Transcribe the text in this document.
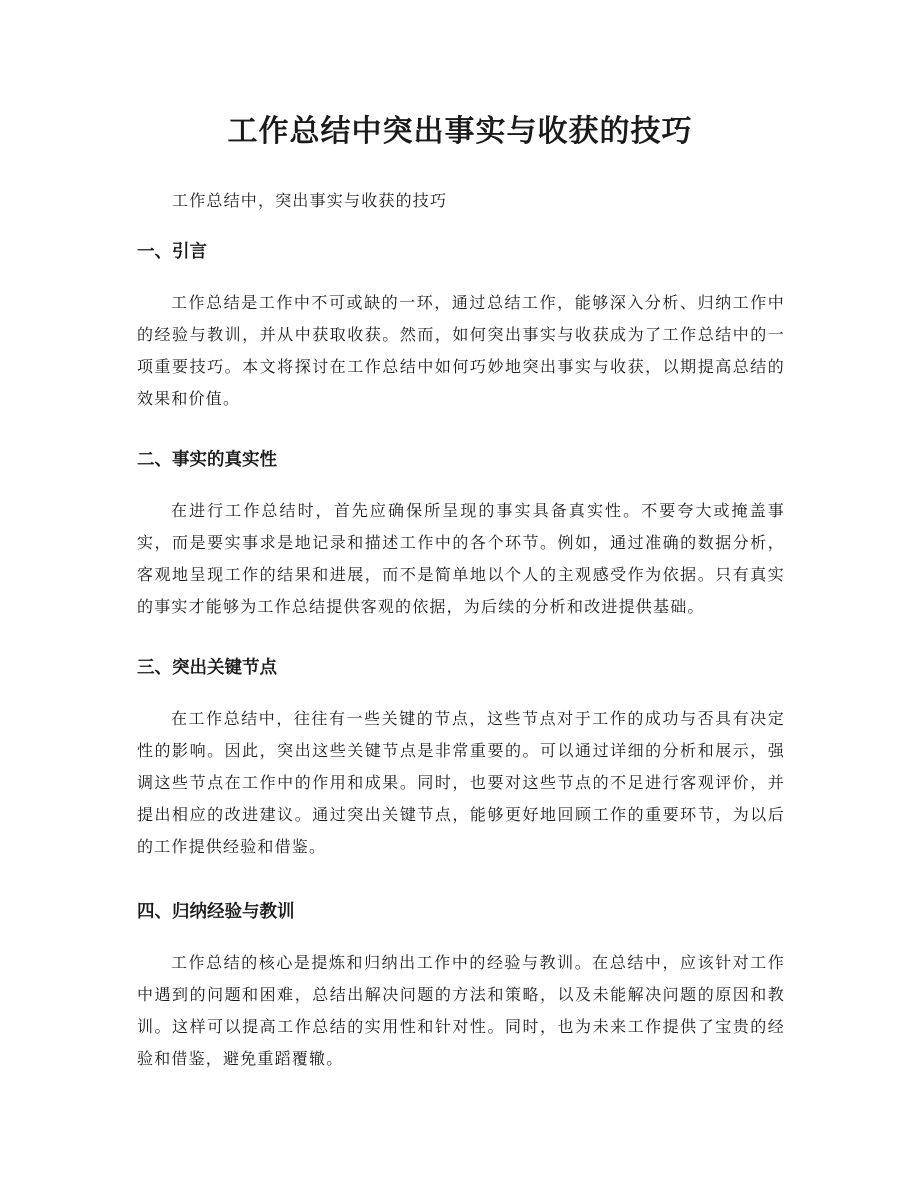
工作总结中突出事实与收获的技巧

工作总结中，突出事实与收获的技巧

一、引言

工作总结是工作中不可或缺的一环，通过总结工作，能够深入分析、归纳工作中的经验与教训，并从中获取收获。然而，如何突出事实与收获成为了工作总结中的一项重要技巧。本文将探讨在工作总结中如何巧妙地突出事实与收获，以期提高总结的效果和价值。

二、事实的真实性

在进行工作总结时，首先应确保所呈现的事实具备真实性。不要夸大或掩盖事实，而是要实事求是地记录和描述工作中的各个环节。例如，通过准确的数据分析，客观地呈现工作的结果和进展，而不是简单地以个人的主观感受作为依据。只有真实的事实才能够为工作总结提供客观的依据，为后续的分析和改进提供基础。

三、突出关键节点

在工作总结中，往往有一些关键的节点，这些节点对于工作的成功与否具有决定性的影响。因此，突出这些关键节点是非常重要的。可以通过详细的分析和展示，强调这些节点在工作中的作用和成果。同时，也要对这些节点的不足进行客观评价，并提出相应的改进建议。通过突出关键节点，能够更好地回顾工作的重要环节，为以后的工作提供经验和借鉴。

四、归纳经验与教训

工作总结的核心是提炼和归纳出工作中的经验与教训。在总结中，应该针对工作中遇到的问题和困难，总结出解决问题的方法和策略，以及未能解决问题的原因和教训。这样可以提高工作总结的实用性和针对性。同时，也为未来工作提供了宝贵的经验和借鉴，避免重蹈覆辙。
